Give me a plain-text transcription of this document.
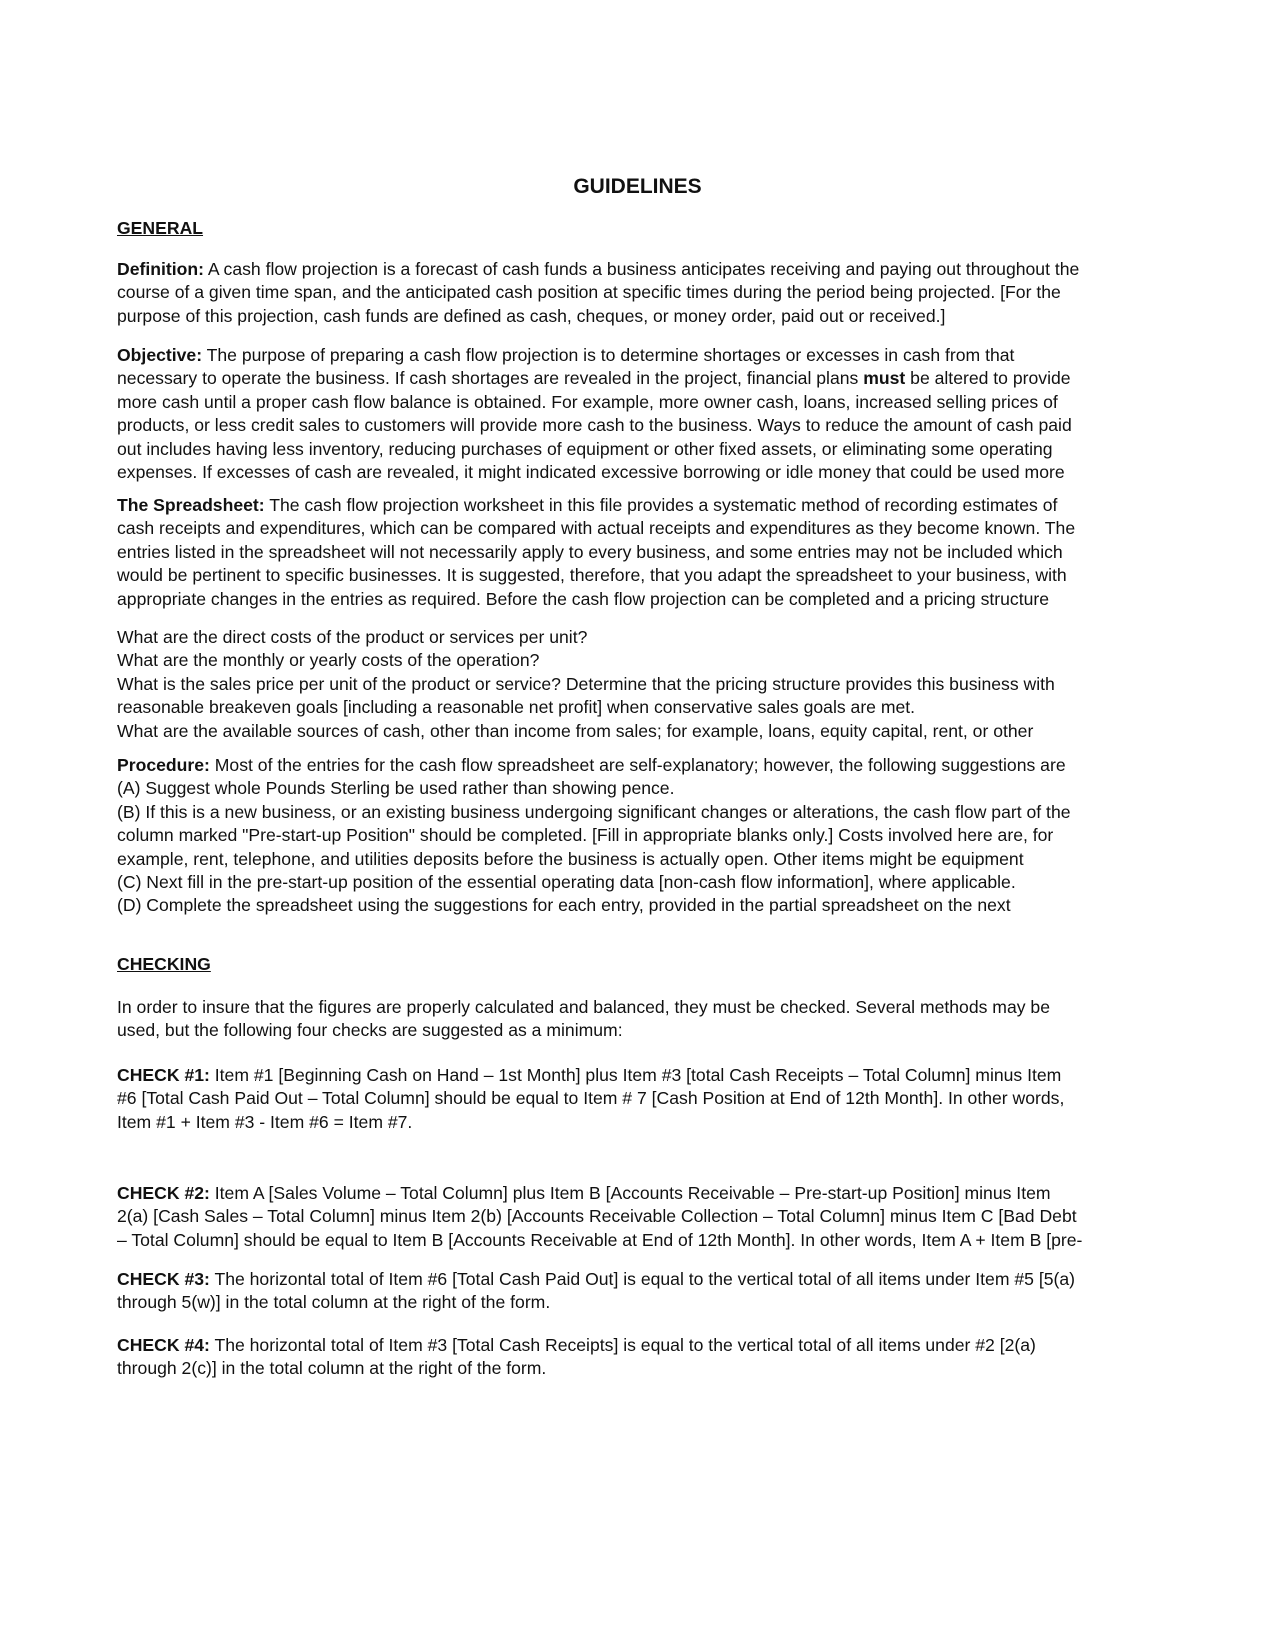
GUIDELINES
GENERAL
Definition: A cash flow projection is a forecast of cash funds a business anticipates receiving and paying out throughout the
course of a given time span, and the anticipated cash position at specific times during the period being projected. [For the
purpose of this projection, cash funds are defined as cash, cheques, or money order, paid out or received.]
Objective: The purpose of preparing a cash flow projection is to determine shortages or excesses in cash from that
necessary to operate the business. If cash shortages are revealed in the project, financial plans must be altered to provide
more cash until a proper cash flow balance is obtained. For example, more owner cash, loans, increased selling prices of
products, or less credit sales to customers will provide more cash to the business. Ways to reduce the amount of cash paid
out includes having less inventory, reducing purchases of equipment or other fixed assets, or eliminating some operating
expenses. If excesses of cash are revealed, it might indicated excessive borrowing or idle money that could be used more
The Spreadsheet: The cash flow projection worksheet in this file provides a systematic method of recording estimates of
cash receipts and expenditures, which can be compared with actual receipts and expenditures as they become known. The
entries listed in the spreadsheet will not necessarily apply to every business, and some entries may not be included which
would be pertinent to specific businesses. It is suggested, therefore, that you adapt the spreadsheet to your business, with
appropriate changes in the entries as required. Before the cash flow projection can be completed and a pricing structure
What are the direct costs of the product or services per unit?
What are the monthly or yearly costs of the operation?
What is the sales price per unit of the product or service? Determine that the pricing structure provides this business with
reasonable breakeven goals [including a reasonable net profit] when conservative sales goals are met.
What are the available sources of cash, other than income from sales; for example, loans, equity capital, rent, or other
Procedure: Most of the entries for the cash flow spreadsheet are self-explanatory; however, the following suggestions are
(A) Suggest whole Pounds Sterling be used rather than showing pence.
(B) If this is a new business, or an existing business undergoing significant changes or alterations, the cash flow part of the
column marked "Pre-start-up Position" should be completed. [Fill in appropriate blanks only.] Costs involved here are, for
example, rent, telephone, and utilities deposits before the business is actually open. Other items might be equipment
(C) Next fill in the pre-start-up position of the essential operating data [non-cash flow information], where applicable.
(D) Complete the spreadsheet using the suggestions for each entry, provided in the partial spreadsheet on the next
CHECKING
In order to insure that the figures are properly calculated and balanced, they must be checked. Several methods may be
used, but the following four checks are suggested as a minimum:
CHECK #1: Item #1 [Beginning Cash on Hand – 1st Month] plus Item #3 [total Cash Receipts – Total Column] minus Item
#6 [Total Cash Paid Out – Total Column] should be equal to Item # 7 [Cash Position at End of 12th Month]. In other words,
Item #1 + Item #3 - Item #6 = Item #7.
CHECK #2: Item A [Sales Volume – Total Column] plus Item B [Accounts Receivable – Pre-start-up Position] minus Item
2(a) [Cash Sales – Total Column] minus Item 2(b) [Accounts Receivable Collection – Total Column] minus Item C [Bad Debt
– Total Column] should be equal to Item B [Accounts Receivable at End of 12th Month]. In other words, Item A + Item B [pre-
CHECK #3: The horizontal total of Item #6 [Total Cash Paid Out] is equal to the vertical total of all items under Item #5 [5(a)
through 5(w)] in the total column at the right of the form.
CHECK #4: The horizontal total of Item #3 [Total Cash Receipts] is equal to the vertical total of all items under #2 [2(a)
through 2(c)] in the total column at the right of the form.
